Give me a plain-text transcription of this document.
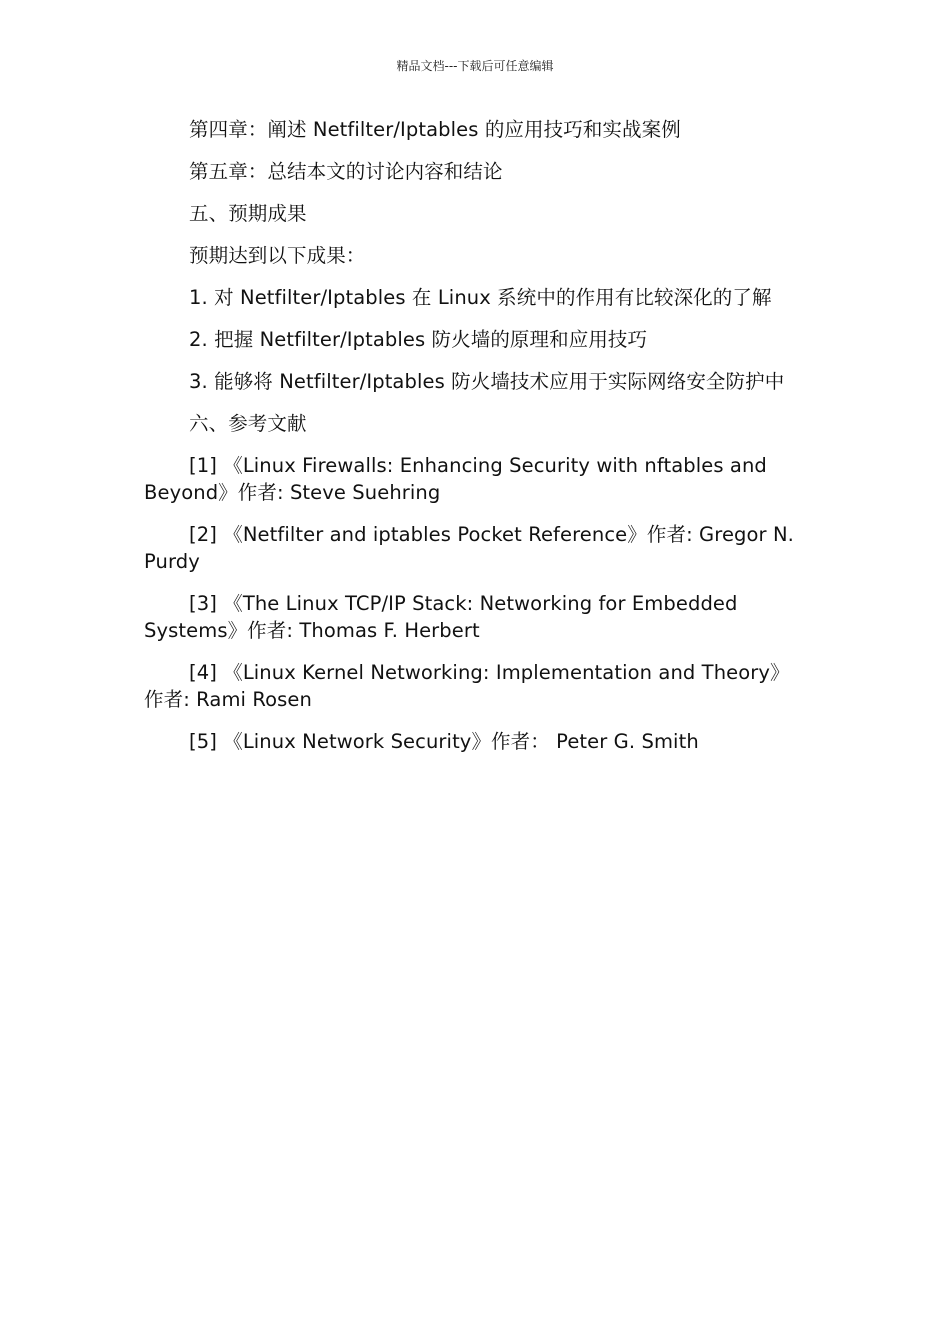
精品文档---下载后可任意编辑

第四章：阐述 Netfilter/Iptables 的应用技巧和实战案例

第五章：总结本文的讨论内容和结论

五、预期成果

预期达到以下成果：

1. 对 Netfilter/Iptables 在 Linux 系统中的作用有比较深化的了解

2. 把握 Netfilter/Iptables 防火墙的原理和应用技巧

3. 能够将 Netfilter/Iptables 防火墙技术应用于实际网络安全防护中

六、参考文献

[1] 《Linux Firewalls: Enhancing Security with nftables and Beyond》作者: Steve Suehring

[2] 《Netfilter and iptables Pocket Reference》作者: Gregor N. Purdy

[3] 《The Linux TCP/IP Stack: Networking for Embedded Systems》作者: Thomas F. Herbert

[4] 《Linux Kernel Networking: Implementation and Theory》作者: Rami Rosen

[5] 《Linux Network Security》作者： Peter G. Smith
